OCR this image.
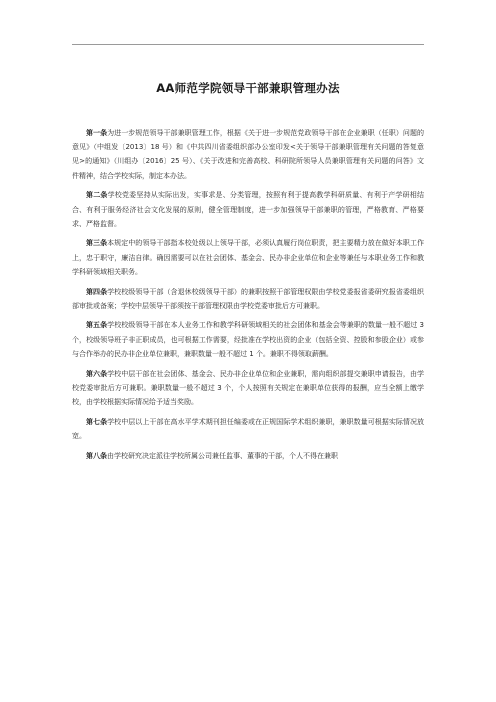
AA师范学院领导干部兼职管理办法

第一条为进一步规范领导干部兼职管理工作，根据《关于进一步规范党政领导干部在企业兼职（任职）问题的意见》（中组发〔2013〕18 号）和《中共四川省委组织部办公室印发<关于领导干部兼职管理有关问题的答复意见>的通知》（川组办〔2016〕25 号）、《关于改进和完善高校、科研院所领导人员兼职管理有关问题的问答》文件精神，结合学校实际，制定本办法。

第二条学校党委坚持从实际出发，实事求是、分类管理，按照有利于提高教学科研质量、有利于产学研相结合、有利于服务经济社会文化发展的原则，健全管理制度，进一步加强领导干部兼职的管理，严格教育、严格要求、严格监督。

第三条本规定中的领导干部指本校处级以上领导干部，必须认真履行岗位职责，把主要精力放在做好本职工作上，忠于职守，廉洁自律。确因需要可以在社会团体、基金会、民办非企业单位和企业等兼任与本职业务工作和教学科研领域相关职务。

第四条学校校级领导干部（含退休校级领导干部）的兼职按照干部管理权限由学校党委报省委研究报省委组织部审批或备案；学校中层领导干部须按干部管理权限由学校党委审批后方可兼职。

第五条学校校级领导干部在本人业务工作和教学科研领域相关的社会团体和基金会等兼职的数量一般不超过 3 个，校级领导班子非正职成员，也可根据工作需要，经批准在学校出资的企业（包括全资、控股和参股企业）或参与合作举办的民办非企业单位兼职，兼职数量一般不超过 1 个。兼职不得领取薪酬。

第六条学校中层干部在社会团体、基金会、民办非企业单位和企业兼职，需向组织部提交兼职申请报告，由学校党委审批后方可兼职。兼职数量一般不超过 3 个，个人按照有关规定在兼职单位获得的报酬，应当全额上缴学校，由学校根据实际情况给予适当奖励。

第七条学校中层以上干部在高水平学术期刊担任编委或在正规国际学术组织兼职，兼职数量可根据实际情况放宽。

第八条由学校研究决定派往学校所属公司兼任监事、董事的干部，个人不得在兼职
